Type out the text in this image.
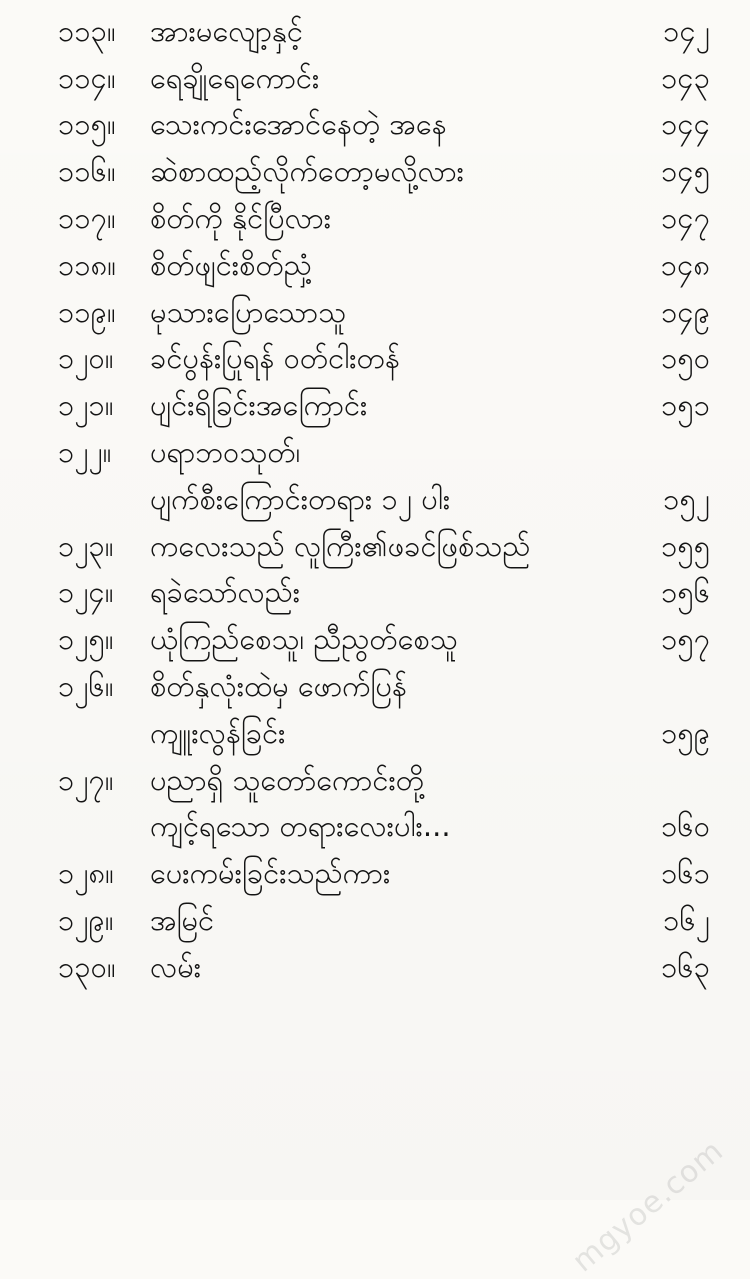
၁၁၃။	အားမလျော့နှင့်	၁၄၂
၁၁၄။	ရေချိုရေကောင်း	၁၄၃
၁၁၅။	သေးကင်းအောင်နေတဲ့ အနေ	၁၄၄
၁၁၆။	ဆဲစာထည့်လိုက်တော့မလို့လား	၁၄၅
၁၁၇။	စိတ်ကို နိုင်ပြီလား	၁၄၇
၁၁၈။	စိတ်ဖျင်းစိတ်ညှံ့	၁၄၈
၁၁၉။	မုသားပြောသောသူ	၁၄၉
၁၂၀။	ခင်ပွန်းပြုရန် ဝတ်ငါးတန်	၁၅၀
၁၂၁။	ပျင်းရိခြင်းအကြောင်း	၁၅၁
၁၂၂။	ပရာဘဝသုတ်၊
ပျက်စီးကြောင်းတရား ၁၂ ပါး	၁၅၂
၁၂၃။	ကလေးသည် လူကြီး၏ဖခင်ဖြစ်သည်	၁၅၅
၁၂၄။	ရခဲသော်လည်း	၁၅၆
၁၂၅။	ယုံကြည်စေသူ၊ ညီညွတ်စေသူ	၁၅၇
၁၂၆။	စိတ်နှလုံးထဲမှ ဖောက်ပြန်
ကျူးလွန်ခြင်း	၁၅၉
၁၂၇။	ပညာရှိ သူတော်ကောင်းတို့
ကျင့်ရသော တရားလေးပါး...	၁၆၀
၁၂၈။	ပေးကမ်းခြင်းသည်ကား	၁၆၁
၁၂၉။	အမြင်	၁၆၂
၁၃၀။	လမ်း	၁၆၃
mgyoe.com
